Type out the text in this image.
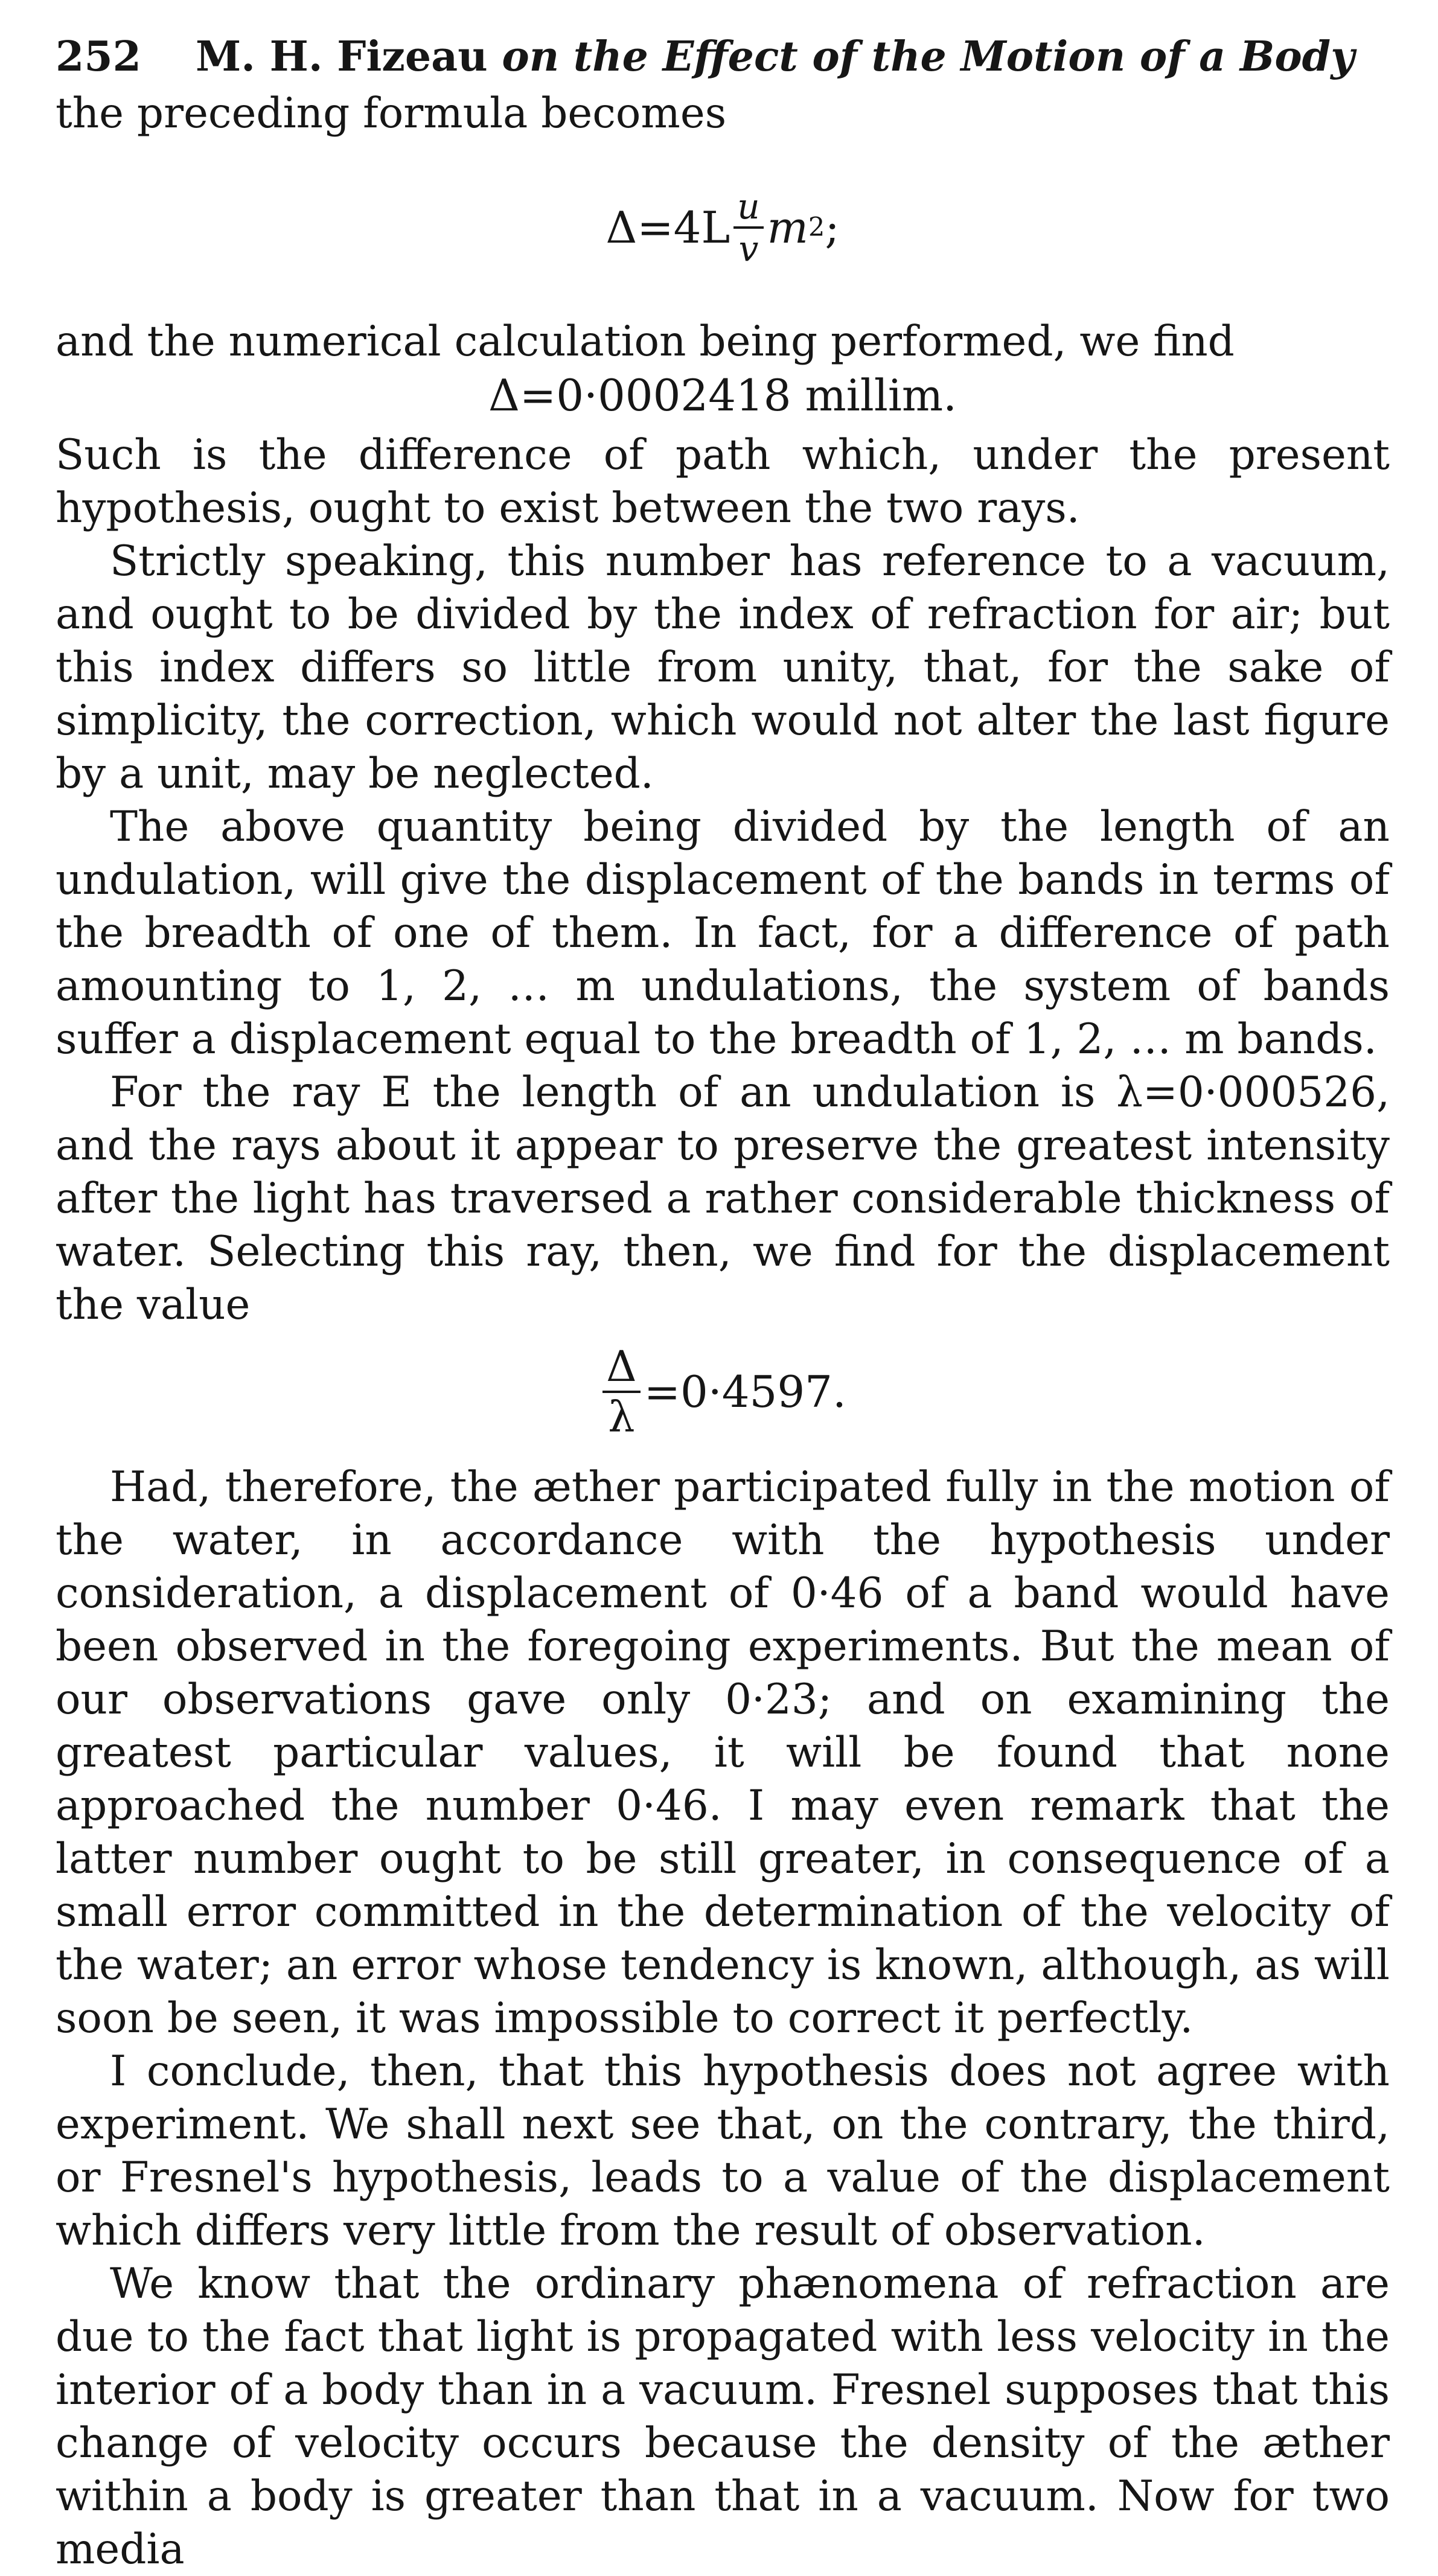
252 M. H. Fizeau
on the Effect of the Motion of a Body

the preceding formula becomes

$\Delta=4L \frac{u}{v}$ m 2 ;

and the numerical calculation being performed, we find

Δ=0·0002418 millim.

Such is the difference of path which, under the present hypothesis, ought to exist between the two rays.

Strictly speaking, this number has reference to a vacuum, and ought to be divided by the index of refraction for air; but this index differs so little from unity, that, for the sake of simplicity, the correction, which would not alter the last figure by a unit, may be neglected.

The above quantity being divided by the length of an undulation, will give the displacement of the bands in terms of the breadth of one of them. In fact, for a difference of path amounting to 1, 2, … m undulations, the system of bands suffer a displacement equal to the breadth of 1, 2, … m bands.

For the ray E the length of an undulation is λ=0·000526, and the rays about it appear to preserve the greatest intensity after the light has traversed a rather considerable thickness of water. Selecting this ray, then, we find for the displacement the value

$\frac{\Delta}{\lambda} =0\cdot 4597$.

Had, therefore, the æther participated fully in the motion of the water, in accordance with the hypothesis under consideration, a displacement of 0·46 of a band would have been observed in the foregoing experiments. But the mean of our observations gave only 0·23; and on examining the greatest particular values, it will be found that none approached the number 0·46. I may even remark that the latter number ought to be still greater, in consequence of a small error committed in the determination of the velocity of the water; an error whose tendency is known, although, as will soon be seen, it was impossible to correct it perfectly.

I conclude, then, that this hypothesis does not agree with experiment. We shall next see that, on the contrary, the third, or Fresnel's hypothesis, leads to a value of the displacement which differs very little from the result of observation.

We know that the ordinary phænomena of refraction are due to the fact that light is propagated with less velocity in the interior of a body than in a vacuum. Fresnel supposes that this change of velocity occurs because the density of the æther within a body is greater than that in a vacuum. Now for two media
